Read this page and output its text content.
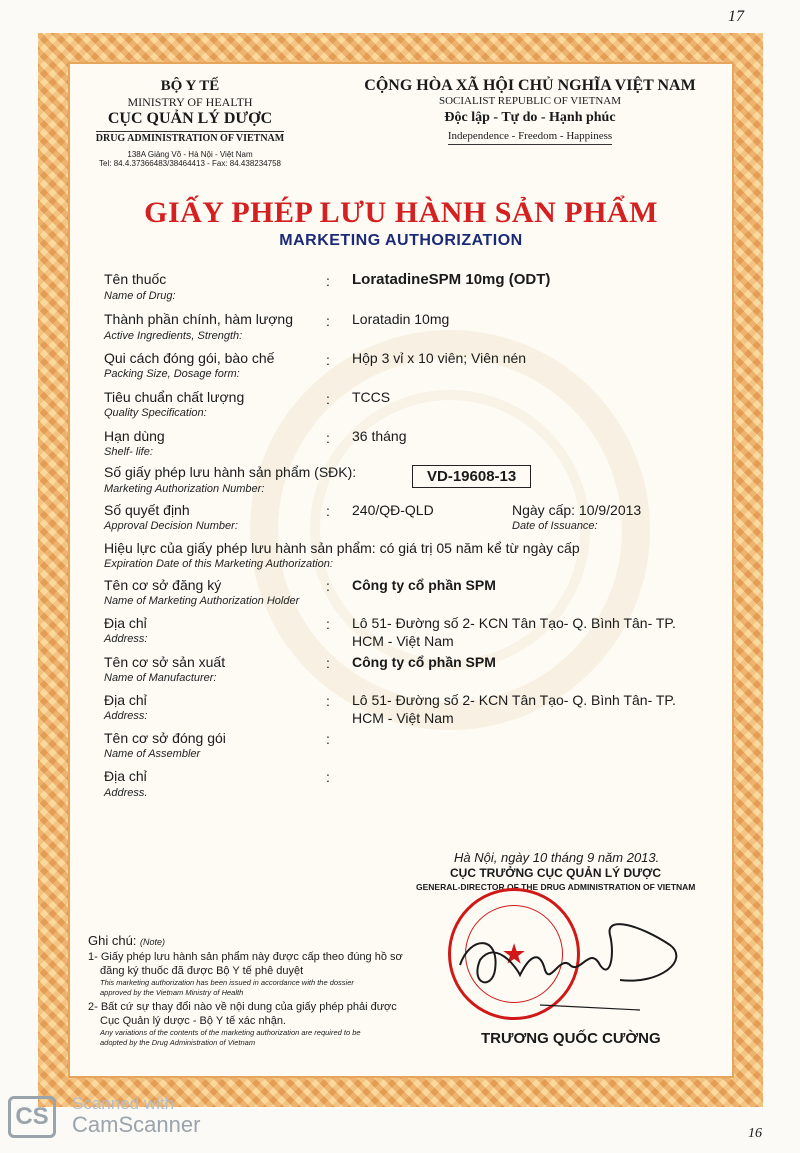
17
BỘ Y TẾ
MINISTRY OF HEALTH
CỤC QUẢN LÝ DƯỢC
DRUG ADMINISTRATION OF VIETNAM
138A Giảng Võ - Hà Nội - Việt Nam
Tel: 84.4.37366483/38464413 - Fax: 84.438234758
CỘNG HÒA XÃ HỘI CHỦ NGHĨA VIỆT NAM
SOCIALIST REPUBLIC OF VIETNAM
Độc lập - Tự do - Hạnh phúc
Independence - Freedom - Happiness
GIẤY PHÉP LƯU HÀNH SẢN PHẨM
MARKETING AUTHORIZATION
Tên thuốc
Name of Drug:
: LoratadineSPM 10mg (ODT)
Thành phần chính, hàm lượng
Active Ingredients, Strength:
: Loratadin 10mg
Qui cách đóng gói, bào chế
Packing Size, Dosage form:
: Hộp 3 vỉ x 10 viên; Viên nén
Tiêu chuẩn chất lượng
Quality Specification:
: TCCS
Hạn dùng
Shelf- life:
: 36 tháng
Số giấy phép lưu hành sản phẩm (SĐK):
Marketing Authorization Number:
VD-19608-13
Số quyết định
Approval Decision Number:
: 240/QĐ-QLD	Ngày cấp: 10/9/2013
Date of Issuance:
Hiệu lực của giấy phép lưu hành sản phẩm: có giá trị 05 năm kể từ ngày cấp
Expiration Date of this Marketing Authorization:
Tên cơ sở đăng ký
Name of Marketing Authorization Holder
: Công ty cổ phần SPM
Địa chỉ
Address:
: Lô 51- Đường số 2- KCN Tân Tạo- Q. Bình Tân- TP.
HCM - Việt Nam
Tên cơ sở sản xuất
Name of Manufacturer:
: Công ty cổ phần SPM
Địa chỉ
Address:
: Lô 51- Đường số 2- KCN Tân Tạo- Q. Bình Tân- TP.
HCM - Việt Nam
Tên cơ sở đóng gói
Name of Assembler
:
Địa chỉ
Address.
:
Hà Nội, ngày 10 tháng 9 năm 2013.
CỤC TRƯỞNG CỤC QUẢN LÝ DƯỢC
GENERAL-DIRECTOR OF THE DRUG ADMINISTRATION OF VIETNAM
★
TRƯƠNG QUỐC CƯỜNG
Ghi chú: (Note)
1- Giấy phép lưu hành sản phẩm này được cấp theo đúng hồ sơ
đăng ký thuốc đã được Bộ Y tế phê duyệt
This marketing authorization has been issued in accordance with the dossier
approved by the Vietnam Ministry of Health
2- Bất cứ sự thay đổi nào về nội dung của giấy phép phải được
Cục Quản lý dược - Bộ Y tế xác nhận.
Any variations of the contents of the marketing authorization are required to be
adopted by the Drug Administration of Vietnam
CS	Scanned with
CamScanner	16
